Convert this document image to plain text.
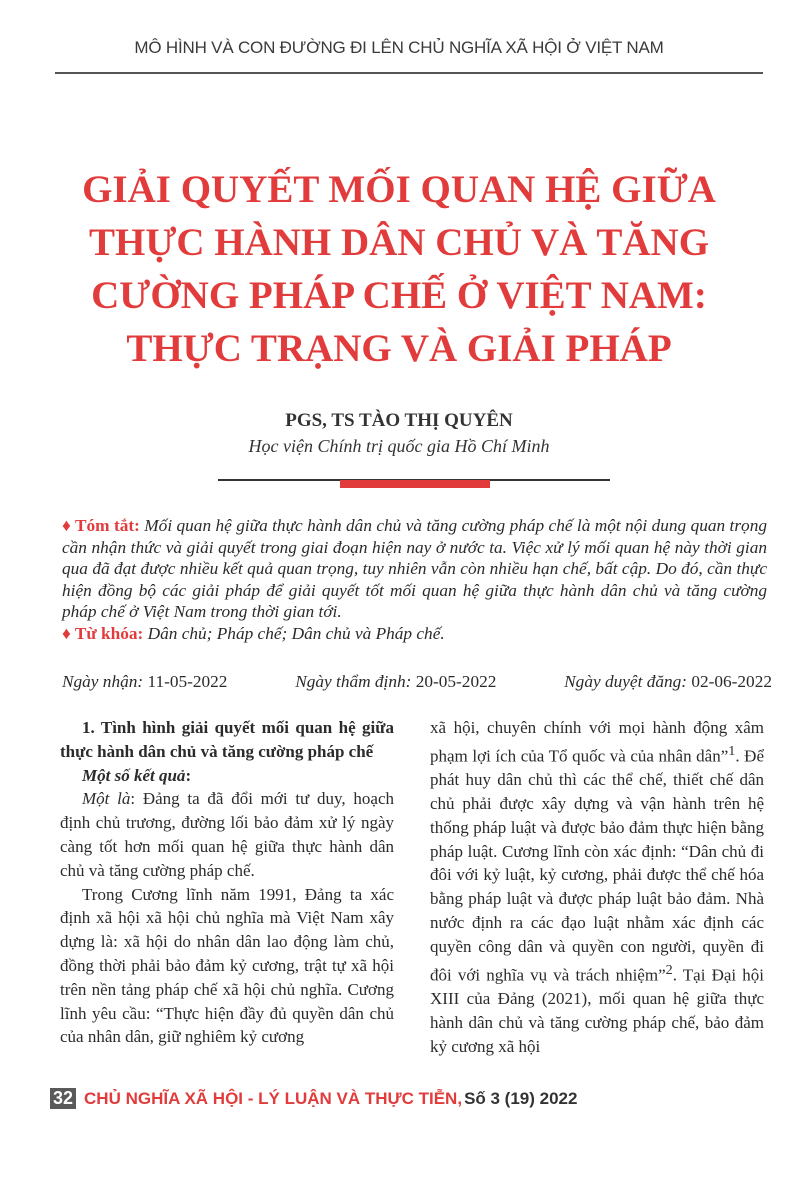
MÔ HÌNH VÀ CON ĐƯỜNG ĐI LÊN CHỦ NGHĨA XÃ HỘI Ở VIỆT NAM
GIẢI QUYẾT MỐI QUAN HỆ GIỮA
THỰC HÀNH DÂN CHỦ VÀ TĂNG
CƯỜNG PHÁP CHẾ Ở VIỆT NAM:
THỰC TRẠNG VÀ GIẢI PHÁP
PGS, TS TÀO THỊ QUYÊN
Học viện Chính trị quốc gia Hồ Chí Minh
♦ Tóm tắt: Mối quan hệ giữa thực hành dân chủ và tăng cường pháp chế là một nội dung quan trọng cần nhận thức và giải quyết trong giai đoạn hiện nay ở nước ta. Việc xử lý mối quan hệ này thời gian qua đã đạt được nhiều kết quả quan trọng, tuy nhiên vẫn còn nhiều hạn chế, bất cập. Do đó, cần thực hiện đồng bộ các giải pháp để giải quyết tốt mối quan hệ giữa thực hành dân chủ và tăng cường pháp chế ở Việt Nam trong thời gian tới.
♦ Từ khóa: Dân chủ; Pháp chế; Dân chủ và Pháp chế.
Ngày nhận: 11-05-2022	Ngày thẩm định: 20-05-2022	Ngày duyệt đăng: 02-06-2022

1. Tình hình giải quyết mối quan hệ giữa thực hành dân chủ và tăng cường pháp chế

Một số kết quả:

Một là: Đảng ta đã đổi mới tư duy, hoạch định chủ trương, đường lối bảo đảm xử lý ngày càng tốt hơn mối quan hệ giữa thực hành dân chủ và tăng cường pháp chế.

Trong Cương lĩnh năm 1991, Đảng ta xác định xã hội xã hội chủ nghĩa mà Việt Nam xây dựng là: xã hội do nhân dân lao động làm chủ, đồng thời phải bảo đảm kỷ cương, trật tự xã hội trên nền tảng pháp chế xã hội chủ nghĩa. Cương lĩnh yêu cầu: “Thực hiện đầy đủ quyền dân chủ của nhân dân, giữ nghiêm kỷ cương

xã hội, chuyên chính với mọi hành động xâm phạm lợi ích của Tổ quốc và của nhân dân”$^1$. Để phát huy dân chủ thì các thể chế, thiết chế dân chủ phải được xây dựng và vận hành trên hệ thống pháp luật và được bảo đảm thực hiện bằng pháp luật. Cương lĩnh còn xác định: “Dân chủ đi đôi với kỷ luật, kỷ cương, phải được thể chế hóa bằng pháp luật và được pháp luật bảo đảm. Nhà nước định ra các đạo luật nhằm xác định các quyền công dân và quyền con người, quyền đi đôi với nghĩa vụ và trách nhiệm”$^2$. Tại Đại hội XIII của Đảng (2021), mối quan hệ giữa thực hành dân chủ và tăng cường pháp chế, bảo đảm kỷ cương xã hội

32 CHỦ NGHĨA XÃ HỘI - LÝ LUẬN VÀ THỰC TIỄN, Số 3 (19) 2022
